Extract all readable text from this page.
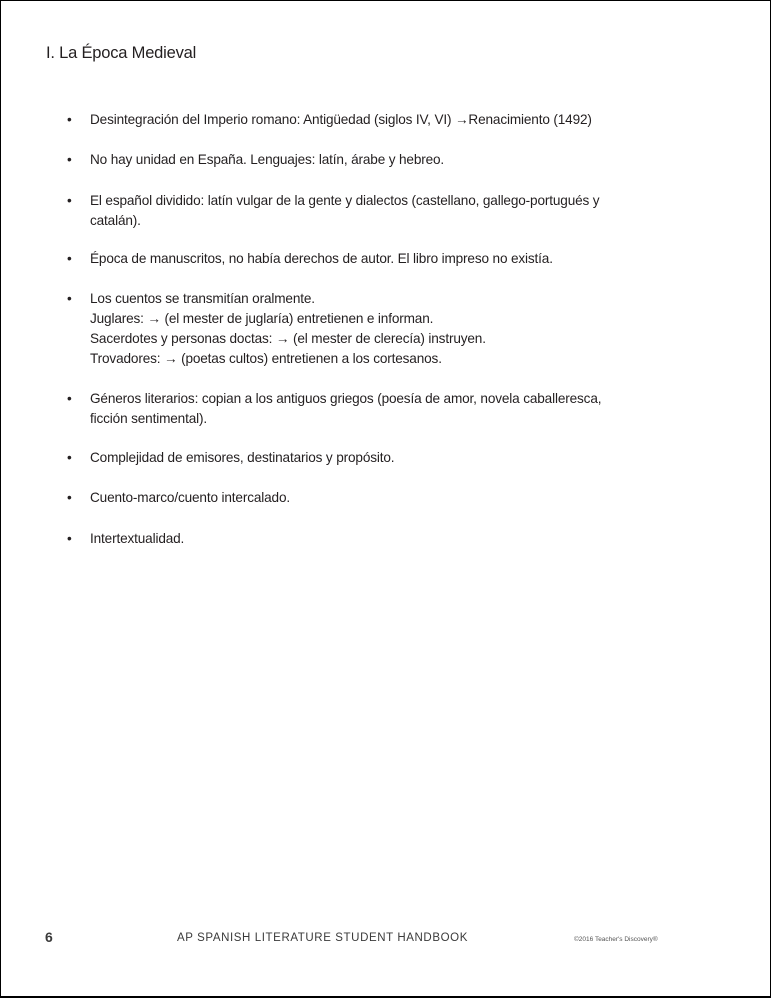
I. La Época Medieval
•	Desintegración del Imperio romano: Antigüedad (siglos IV, VI) →Renacimiento (1492)
•	No hay unidad en España. Lenguajes: latín, árabe y hebreo.
•	El español dividido: latín vulgar de la gente y dialectos (castellano, gallego-portugués y
catalán).
•	Época de manuscritos, no había derechos de autor. El libro impreso no existía.
•	Los cuentos se transmitían oralmente.
Juglares: → (el mester de juglaría) entretienen e informan.
Sacerdotes y personas doctas: → (el mester de clerecía) instruyen.
Trovadores: → (poetas cultos) entretienen a los cortesanos.
•	Géneros literarios: copian a los antiguos griegos (poesía de amor, novela caballeresca,
ficción sentimental).
•	Complejidad de emisores, destinatarios y propósito.
•	Cuento-marco/cuento intercalado.
•	Intertextualidad.
6	AP SPANISH LITERATURE STUDENT HANDBOOK	©2016 Teacher's Discovery®
